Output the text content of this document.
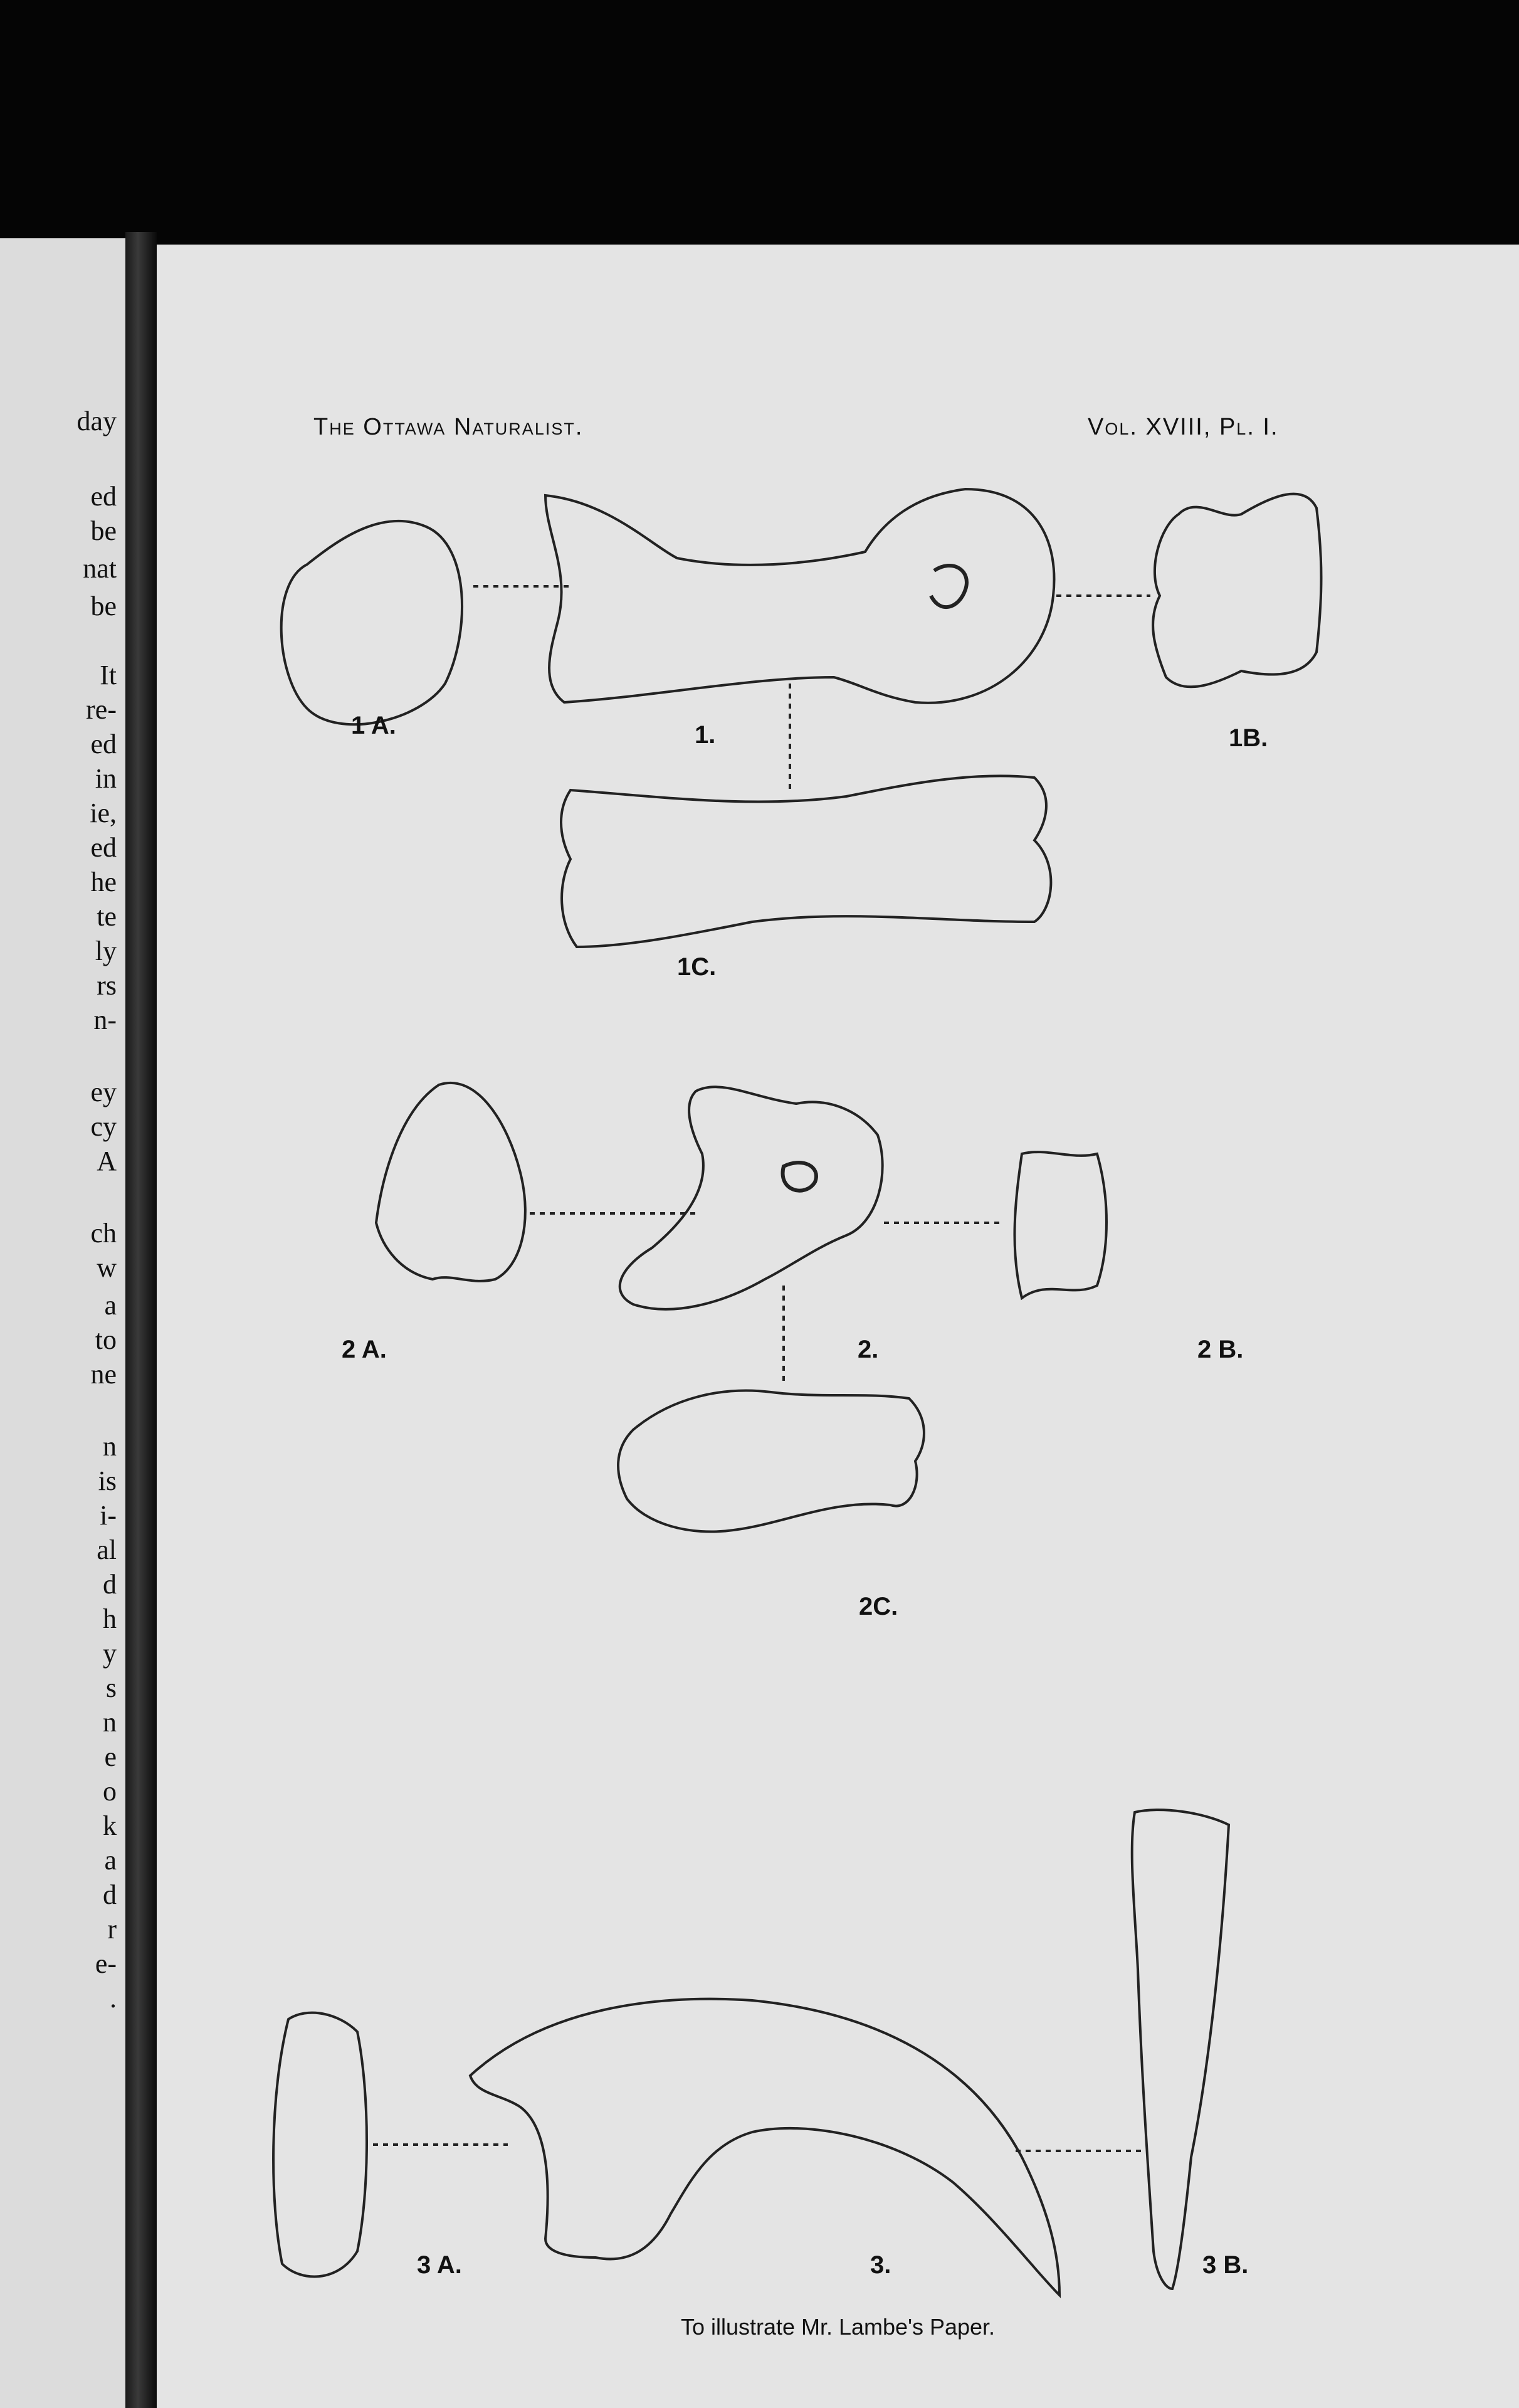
day
ed
be
nat
be
It
re-
ed
in
ie,
ed
he
te
ly
rs
n-
ey
cy
A
ch
w
a
to
ne
n
is
i-
al
d
h
y
s
n
e
o
k
a
d
r
e-
.
The Ottawa Naturalist.	Vol. XVIII, Pl. I.
1 A.	1.	1B.
1C.
2 A.	2.	2 B.
2C.
3 A.	3.	3 B.
To illustrate Mr. Lambe's Paper.
